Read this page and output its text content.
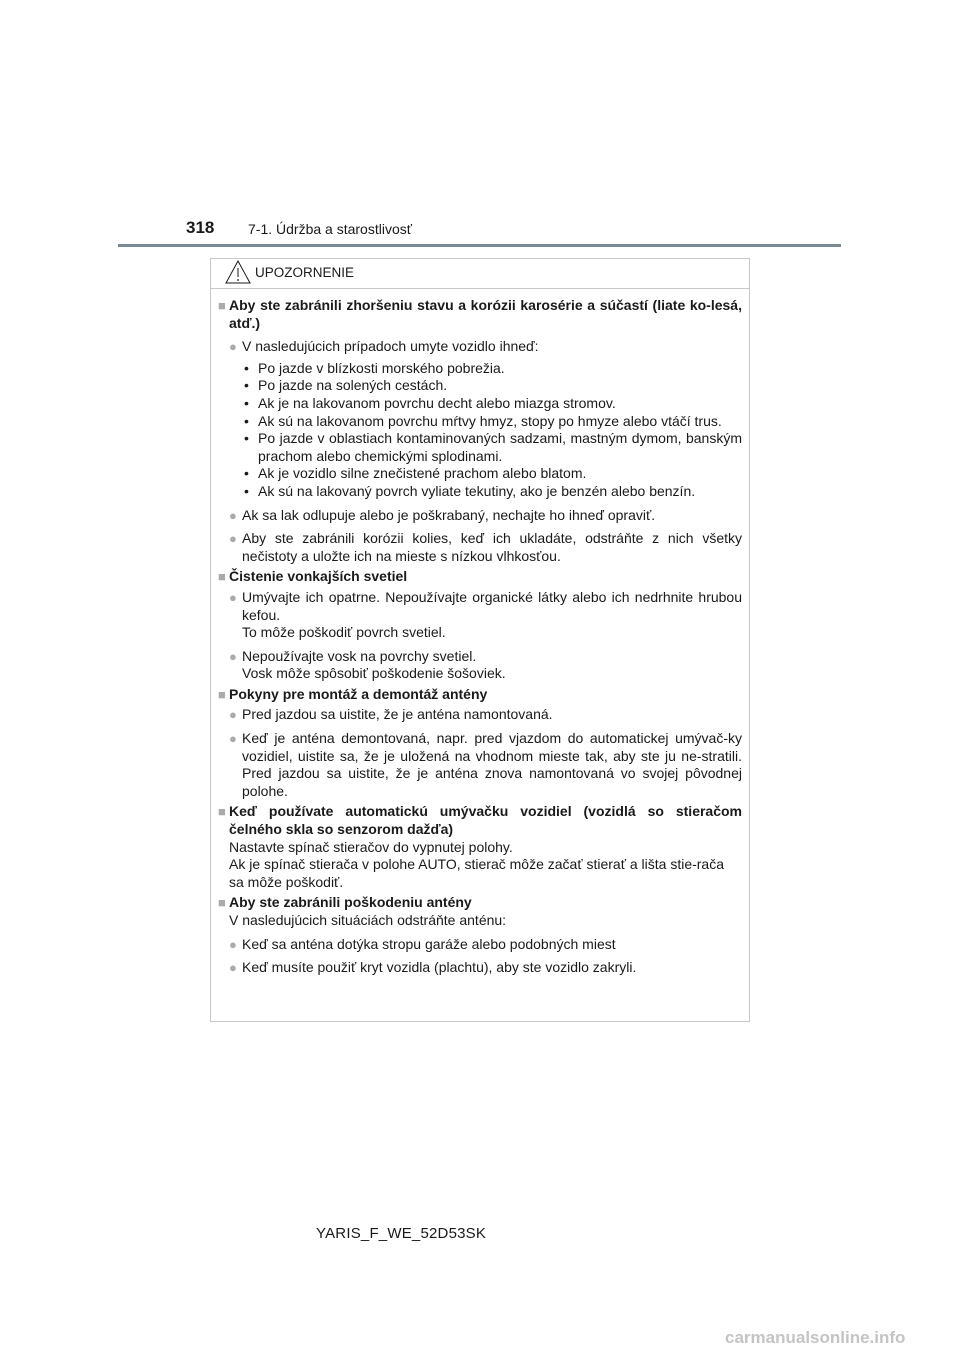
318 7-1. Údržba a starostlivosť
UPOZORNENIE
■ Aby ste zabránili zhoršeniu stavu a korózii karosérie a súčastí (liate ko-lesá, atď.)
● V nasledujúcich prípadoch umyte vozidlo ihneď:
• Po jazde v blízkosti morského pobrežia.
• Po jazde na solených cestách.
• Ak je na lakovanom povrchu decht alebo miazga stromov.
• Ak sú na lakovanom povrchu mŕtvy hmyz, stopy po hmyze alebo vtáčí trus.
• Po jazde v oblastiach kontaminovaných sadzami, mastným dymom, banským prachom alebo chemickými splodinami.
• Ak je vozidlo silne znečistené prachom alebo blatom.
• Ak sú na lakovaný povrch vyliate tekutiny, ako je benzén alebo benzín.
● Ak sa lak odlupuje alebo je poškrabaný, nechajte ho ihneď opraviť.
● Aby ste zabránili korózii kolies, keď ich ukladáte, odstráňte z nich všetky nečistoty a uložte ich na mieste s nízkou vlhkosťou.
■ Čistenie vonkajších svetiel
● Umývajte ich opatrne. Nepoužívajte organické látky alebo ich nedrhnite hrubou kefou.
To môže poškodiť povrch svetiel.
● Nepoužívajte vosk na povrchy svetiel.
Vosk môže spôsobiť poškodenie šošoviek.
■ Pokyny pre montáž a demontáž antény
● Pred jazdou sa uistite, že je anténa namontovaná.
● Keď je anténa demontovaná, napr. pred vjazdom do automatickej umývač-ky vozidiel, uistite sa, že je uložená na vhodnom mieste tak, aby ste ju ne-stratili. Pred jazdou sa uistite, že je anténa znova namontovaná vo svojej pôvodnej polohe.
■ Keď používate automatickú umývačku vozidiel (vozidlá so stieračom čelného skla so senzorom dažďa)

Nastavte spínač stieračov do vypnutej polohy.
Ak je spínač stierača v polohe AUTO, stierač môže začať stierať a lišta stie-rača sa môže poškodiť.

■ Aby ste zabránili poškodeniu antény

V nasledujúcich situáciách odstráňte anténu:

● Keď sa anténa dotýka stropu garáže alebo podobných miest
● Keď musíte použiť kryt vozidla (plachtu), aby ste vozidlo zakryli.
YARIS_F_WE_52D53SK
carmanualsonline.info
